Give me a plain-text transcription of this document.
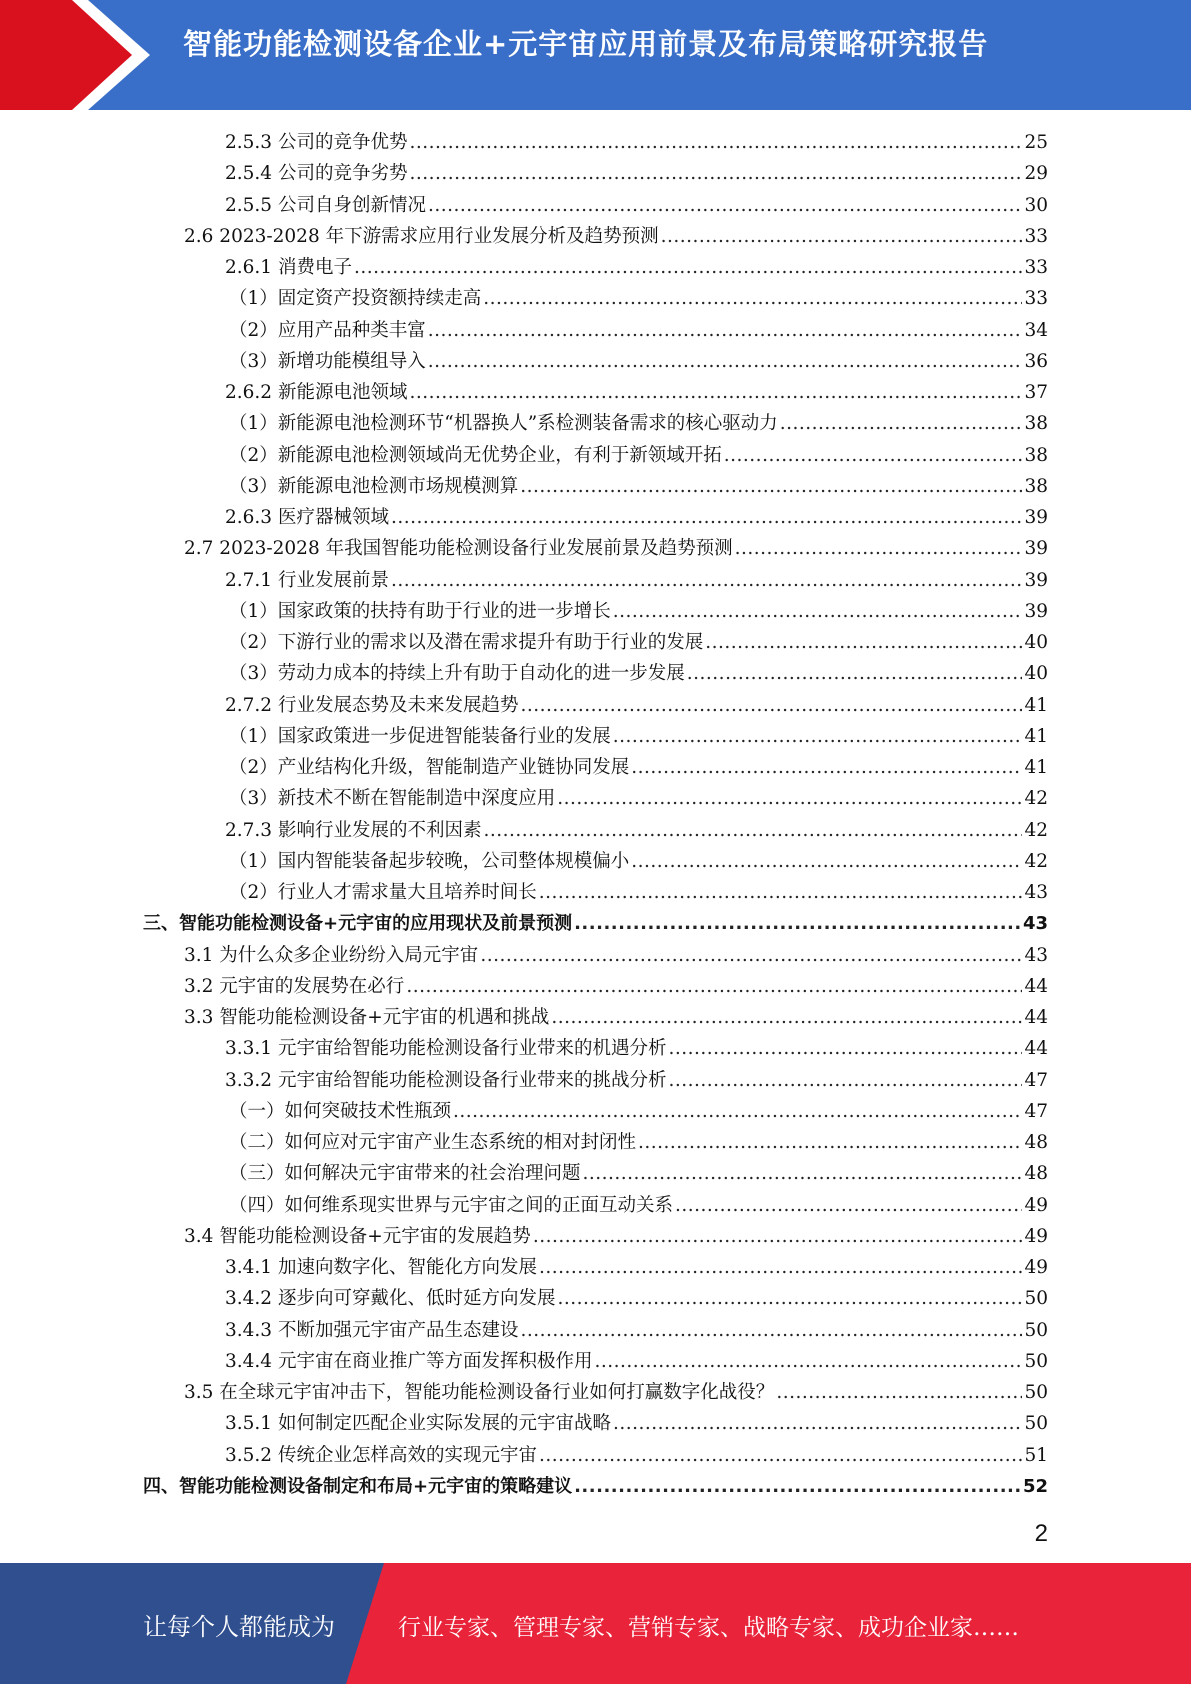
智能功能检测设备企业+元宇宙应用前景及布局策略研究报告
2.5.3 公司的竞争优势 .....	25
2.5.4 公司的竞争劣势 .....	29
2.5.5 公司自身创新情况 .....	30
2.6 2023-2028 年下游需求应用行业发展分析及趋势预测 .....	33
2.6.1 消费电子 .....	33
（1）固定资产投资额持续走高 .....	33
（2）应用产品种类丰富 .....	34
（3）新增功能模组导入 .....	36
2.6.2 新能源电池领域 .....	37
（1）新能源电池检测环节“机器换人”系检测装备需求的核心驱动力 .....	38
（2）新能源电池检测领域尚无优势企业，有利于新领域开拓 .....	38
（3）新能源电池检测市场规模测算 .....	38
2.6.3 医疗器械领域 .....	39
2.7 2023-2028 年我国智能功能检测设备行业发展前景及趋势预测 .....	39
2.7.1 行业发展前景 .....	39
（1）国家政策的扶持有助于行业的进一步增长 .....	39
（2）下游行业的需求以及潜在需求提升有助于行业的发展 .....	40
（3）劳动力成本的持续上升有助于自动化的进一步发展 .....	40
2.7.2 行业发展态势及未来发展趋势 .....	41
（1）国家政策进一步促进智能装备行业的发展 .....	41
（2）产业结构化升级，智能制造产业链协同发展 .....	41
（3）新技术不断在智能制造中深度应用 .....	42
2.7.3 影响行业发展的不利因素 .....	42
（1）国内智能装备起步较晚，公司整体规模偏小 .....	42
（2）行业人才需求量大且培养时间长 .....	43
三、智能功能检测设备+元宇宙的应用现状及前景预测 .....	43
3.1 为什么众多企业纷纷入局元宇宙 .....	43
3.2 元宇宙的发展势在必行 .....	44
3.3 智能功能检测设备+元宇宙的机遇和挑战 .....	44
3.3.1 元宇宙给智能功能检测设备行业带来的机遇分析 .....	44
3.3.2 元宇宙给智能功能检测设备行业带来的挑战分析 .....	47
（一）如何突破技术性瓶颈 .....	47
（二）如何应对元宇宙产业生态系统的相对封闭性 .....	48
（三）如何解决元宇宙带来的社会治理问题 .....	48
（四）如何维系现实世界与元宇宙之间的正面互动关系 .....	49
3.4 智能功能检测设备+元宇宙的发展趋势 .....	49
3.4.1 加速向数字化、智能化方向发展 .....	49
3.4.2 逐步向可穿戴化、低时延方向发展 .....	50
3.4.3 不断加强元宇宙产品生态建设 .....	50
3.4.4 元宇宙在商业推广等方面发挥积极作用 .....	50
3.5 在全球元宇宙冲击下，智能功能检测设备行业如何打赢数字化战役？ .....	50
3.5.1 如何制定匹配企业实际发展的元宇宙战略 .....	50
3.5.2 传统企业怎样高效的实现元宇宙 .....	51
四、智能功能检测设备制定和布局+元宇宙的策略建议 .....	52
2
让每个人都能成为	行业专家、管理专家、营销专家、战略专家、成功企业家……
